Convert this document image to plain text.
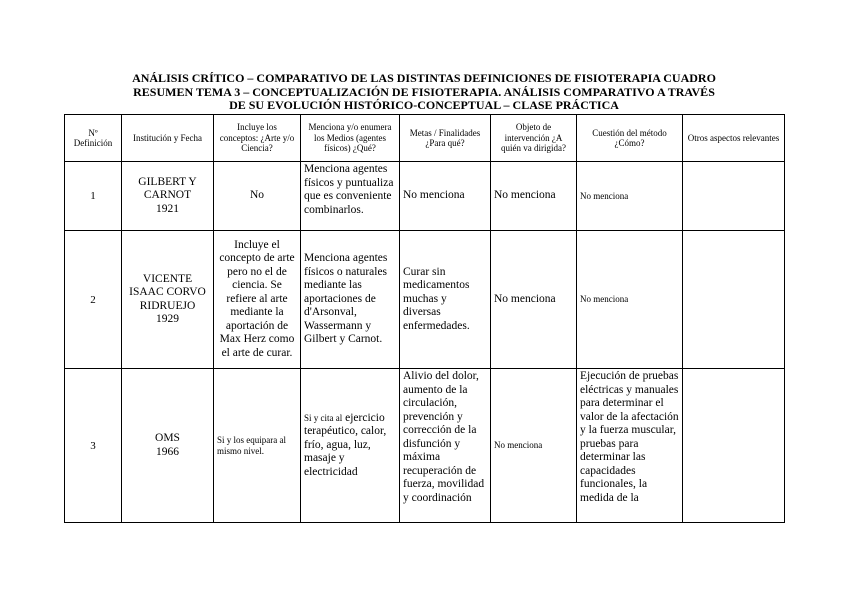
ANÁLISIS CRÍTICO – COMPARATIVO DE LAS DISTINTAS DEFINICIONES DE FISIOTERAPIA CUADRO
RESUMEN TEMA 3 – CONCEPTUALIZACIÓN DE FISIOTERAPIA. ANÁLISIS COMPARATIVO A TRAVÉS
DE SU EVOLUCIÓN HISTÓRICO-CONCEPTUAL – CLASE PRÁCTICA
Nº Definición	Institución y Fecha	Incluye los conceptos: ¿Arte y/o Ciencia?	Menciona y/o enumera los Medios (agentes físicos) ¿Qué?	Metas / Finalidades ¿Para qué?	Objeto de intervención ¿A quién va dirigida?	Cuestión del método ¿Cómo?	Otros aspectos relevantes
1	GILBERT Y
CARNOT
1921	No	Menciona agentes físicos y puntualiza que es conveniente combinarlos.	No menciona	No menciona	No menciona	
2	VICENTE
ISAAC CORVO
RIDRUEJO
1929	Incluye el concepto de arte pero no el de ciencia. Se refiere al arte mediante la aportación de Max Herz como el arte de curar.	Menciona agentes físicos o naturales mediante las aportaciones de d'Arsonval, Wassermann y Gilbert y Carnot.	Curar sin medicamentos muchas y diversas enfermedades.	No menciona	No menciona	
3	OMS
1966	Si y los equipara al mismo nivel.	Si y cita al ejercicio terapéutico, calor, frío, agua, luz, masaje y electricidad	Alivio del dolor, aumento de la circulación, prevención y corrección de la disfunción y máxima recuperación de fuerza, movilidad y coordinación	No menciona	Ejecución de pruebas eléctricas y manuales para determinar el valor de la afectación y la fuerza muscular, pruebas para determinar las capacidades funcionales, la medida de la	
